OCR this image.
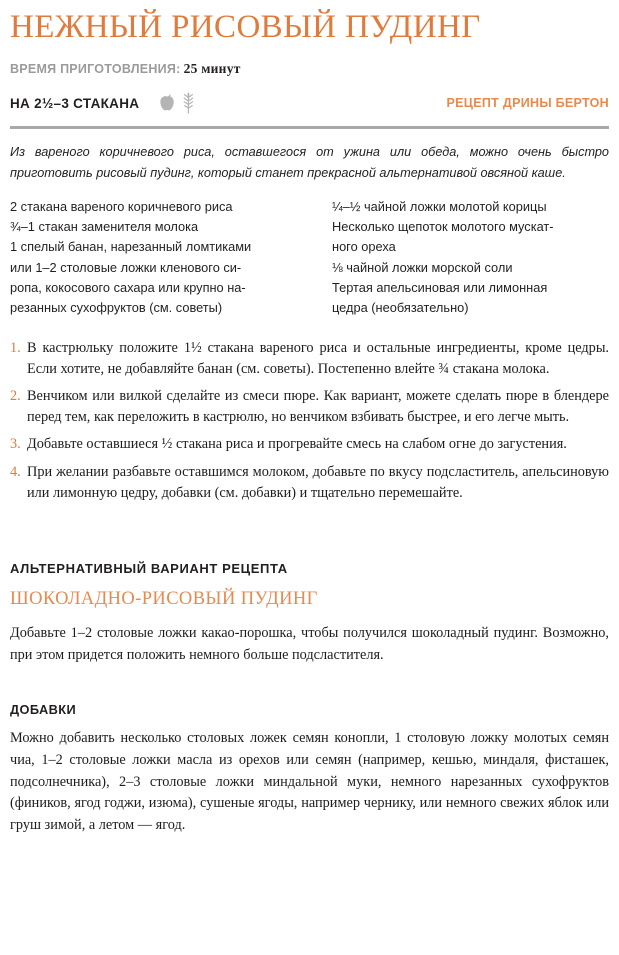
НЕЖНЫЙ РИСОВЫЙ ПУДИНГ
ВРЕМЯ ПРИГОТОВЛЕНИЯ: 25 минут
НА 2½–3 СТАКАНА	РЕЦЕПТ ДРИНЫ БЕРТОН

Из вареного коричневого риса, оставшегося от ужина или обеда, можно очень быстро приготовить рисовый пудинг, который станет прекрасной альтернативой овсяной каше.

2 стакана вареного коричневого риса
¾–1 стакан заменителя молока
1 спелый банан, нарезанный ломтиками
или 1–2 столовые ложки кленового си-
ропа, кокосового сахара или крупно на-
резанных сухофруктов (см. советы)
¼–½ чайной ложки молотой корицы
Несколько щепоток молотого мускат-
ного ореха
⅛ чайной ложки морской соли
Тертая апельсиновая или лимонная
цедра (необязательно)
1. В кастрюльку положите 1½ стакана вареного риса и остальные ингредиенты, кроме цедры. Если хотите, не добавляйте банан (см. советы). Постепенно влейте ¾ стакана молока.
2. Венчиком или вилкой сделайте из смеси пюре. Как вариант, можете сделать пюре в блендере перед тем, как переложить в кастрюлю, но венчиком взбивать быстрее, и его легче мыть.
3. Добавьте оставшиеся ½ стакана риса и прогревайте смесь на слабом огне до загустения.
4. При желании разбавьте оставшимся молоком, добавьте по вкусу подсластитель, апельсиновую или лимонную цедру, добавки (см. добавки) и тщательно перемешайте.
АЛЬТЕРНАТИВНЫЙ ВАРИАНТ РЕЦЕПТА
ШОКОЛАДНО-РИСОВЫЙ ПУДИНГ

Добавьте 1–2 столовые ложки какао-порошка, чтобы получился шоколадный пудинг. Возможно, при этом придется положить немного больше подсластителя.

ДОБАВКИ

Можно добавить несколько столовых ложек семян конопли, 1 столовую ложку молотых семян чиа, 1–2 столовые ложки масла из орехов или семян (например, кешью, миндаля, фисташек, подсолнечника), 2–3 столовые ложки миндальной муки, немного нарезанных сухофруктов (фиников, ягод годжи, изюма), сушеные ягоды, например чернику, или немного свежих яблок или груш зимой, а летом — ягод.
